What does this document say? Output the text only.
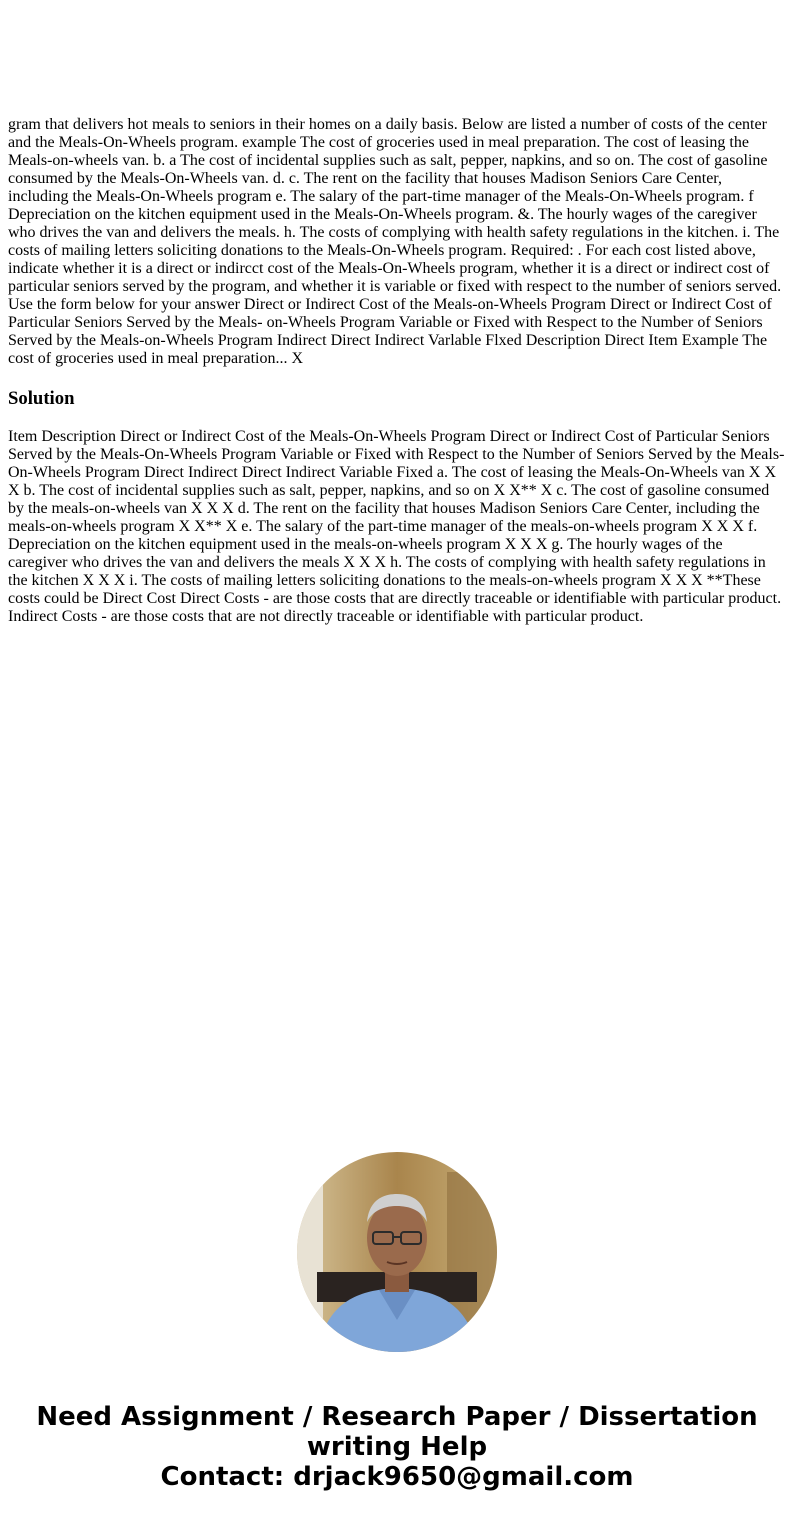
gram that delivers hot meals to seniors in their homes on a daily basis. Below are listed a number of costs of the center and the Meals-On-Wheels program. example The cost of groceries used in meal preparation. The cost of leasing the Meals-on-wheels van. b. a The cost of incidental supplies such as salt, pepper, napkins, and so on. The cost of gasoline consumed by the Meals-On-Wheels van. d. c. The rent on the facility that houses Madison Seniors Care Center, including the Meals-On-Wheels program e. The salary of the part-time manager of the Meals-On-Wheels program. f Depreciation on the kitchen equipment used in the Meals-On-Wheels program. &. The hourly wages of the caregiver who drives the van and delivers the meals. h. The costs of complying with health safety regulations in the kitchen. i. The costs of mailing letters soliciting donations to the Meals-On-Wheels program. Required: . For each cost listed above, indicate whether it is a direct or indircct cost of the Meals-On-Wheels program, whether it is a direct or indirect cost of particular seniors served by the program, and whether it is variable or fixed with respect to the number of seniors served. Use the form below for your answer Direct or Indirect Cost of the Meals-on-Wheels Program Direct or Indirect Cost of Particular Seniors Served by the Meals- on-Wheels Program Variable or Fixed with Respect to the Number of Seniors Served by the Meals-on-Wheels Program Indirect Direct Indirect Varlable Flxed Description Direct Item Example The cost of groceries used in meal preparation... X

Solution

Item Description Direct or Indirect Cost of the Meals-On-Wheels Program Direct or Indirect Cost of Particular Seniors Served by the Meals-On-Wheels Program Variable or Fixed with Respect to the Number of Seniors Served by the Meals-On-Wheels Program Direct Indirect Direct Indirect Variable Fixed a. The cost of leasing the Meals-On-Wheels van X X X b. The cost of incidental supplies such as salt, pepper, napkins, and so on X X** X c. The cost of gasoline consumed by the meals-on-wheels van X X X d. The rent on the facility that houses Madison Seniors Care Center, including the meals-on-wheels program X X** X e. The salary of the part-time manager of the meals-on-wheels program X X X f. Depreciation on the kitchen equipment used in the meals-on-wheels program X X X g. The hourly wages of the caregiver who drives the van and delivers the meals X X X h. The costs of complying with health safety regulations in the kitchen X X X i. The costs of mailing letters soliciting donations to the meals-on-wheels program X X X **These costs could be Direct Cost Direct Costs - are those costs that are directly traceable or identifiable with particular product. Indirect Costs - are those costs that are not directly traceable or identifiable with particular product.

Need Assignment / Research Paper / Dissertation writing Help
Contact: drjack9650@gmail.com
